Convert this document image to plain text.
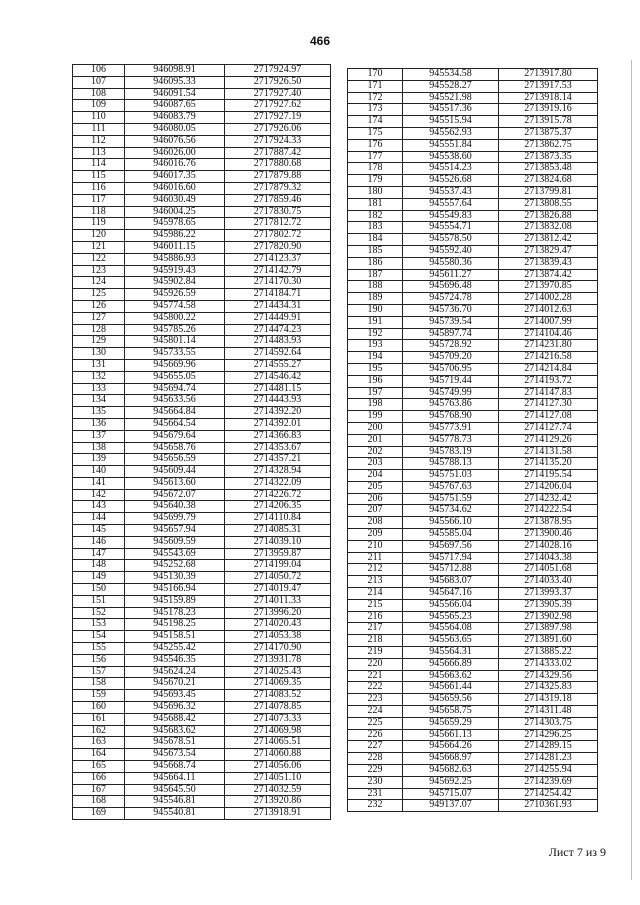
466
106	946098.91	2717924.97
107	946095.33	2717926.50
108	946091.54	2717927.40
109	946087.65	2717927.62
110	946083.79	2717927.19
111	946080.05	2717926.06
112	946076.56	2717924.33
113	946026.00	2717887.42
114	946016.76	2717880.68
115	946017.35	2717879.88
116	946016.60	2717879.32
117	946030.49	2717859.46
118	946004.25	2717830.75
119	945978.65	2717812.72
120	945986.22	2717802.72
121	946011.15	2717820.90
122	945886.93	2714123.37
123	945919.43	2714142.79
124	945902.84	2714170.30
125	945926.59	2714184.71
126	945774.58	2714434.31
127	945800.22	2714449.91
128	945785.26	2714474.23
129	945801.14	2714483.93
130	945733.55	2714592.64
131	945669.96	2714555.27
132	945655.05	2714546.42
133	945694.74	2714481.15
134	945633.56	2714443.93
135	945664.84	2714392.20
136	945664.54	2714392.01
137	945679.64	2714366.83
138	945658.76	2714353.67
139	945656.59	2714357.21
140	945609.44	2714328.94
141	945613.60	2714322.09
142	945672.07	2714226.72
143	945640.38	2714206.35
144	945699.79	2714110.84
145	945657.94	2714085.31
146	945609.59	2714039.10
147	945543.69	2713959.87
148	945252.68	2714199.04
149	945130.39	2714050.72
150	945166.94	2714019.47
151	945159.89	2714011.33
152	945178.23	2713996.20
153	945198.25	2714020.43
154	945158.51	2714053.38
155	945255.42	2714170.90
156	945546.35	2713931.78
157	945624.24	2714025.43
158	945670.21	2714069.35
159	945693.45	2714083.52
160	945696.32	2714078.85
161	945688.42	2714073.33
162	945683.62	2714069.98
163	945678.51	2714065.51
164	945673.54	2714060.88
165	945668.74	2714056.06
166	945664.11	2714051.10
167	945645.50	2714032.59
168	945546.81	2713920.86
169	945540.81	2713918.91
170	945534.58	2713917.80
171	945528.27	2713917.53
172	945521.98	2713918.14
173	945517.36	2713919.16
174	945515.94	2713915.78
175	945562.93	2713875.37
176	945551.84	2713862.75
177	945538.60	2713873.35
178	945514.23	2713853.48
179	945526.68	2713824.68
180	945537.43	2713799.81
181	945557.64	2713808.55
182	945549.83	2713826.88
183	945554.71	2713832.08
184	945578.50	2713812.42
185	945592.40	2713829.47
186	945580.36	2713839.43
187	945611.27	2713874.42
188	945696.48	2713970.85
189	945724.78	2714002.28
190	945736.70	2714012.63
191	945739.54	2714007.99
192	945897.74	2714104.46
193	945728.92	2714231.80
194	945709.20	2714216.58
195	945706.95	2714214.84
196	945719.44	2714193.72
197	945749.99	2714147.83
198	945763.86	2714127.30
199	945768.90	2714127.08
200	945773.91	2714127.74
201	945778.73	2714129.26
202	945783.19	2714131.58
203	945788.13	2714135.20
204	945751.03	2714195.54
205	945767.63	2714206.04
206	945751.59	2714232.42
207	945734.62	2714222.54
208	945566.10	2713878.95
209	945585.04	2713900.46
210	945697.56	2714028.16
211	945717.94	2714043.38
212	945712.88	2714051.68
213	945683.07	2714033.40
214	945647.16	2713993.37
215	945566.04	2713905.39
216	945565.23	2713902.98
217	945564.08	2713897.98
218	945563.65	2713891.60
219	945564.31	2713885.22
220	945666.89	2714333.02
221	945663.62	2714329.56
222	945661.44	2714325.83
223	945659.56	2714319.18
224	945658.75	2714311.48
225	945659.29	2714303.75
226	945661.13	2714296.25
227	945664.26	2714289.15
228	945668.97	2714281.23
229	945682.63	2714255.94
230	945692.25	2714239.69
231	945715.07	2714254.42
232	949137.07	2710361.93
Лист 7 из 9
